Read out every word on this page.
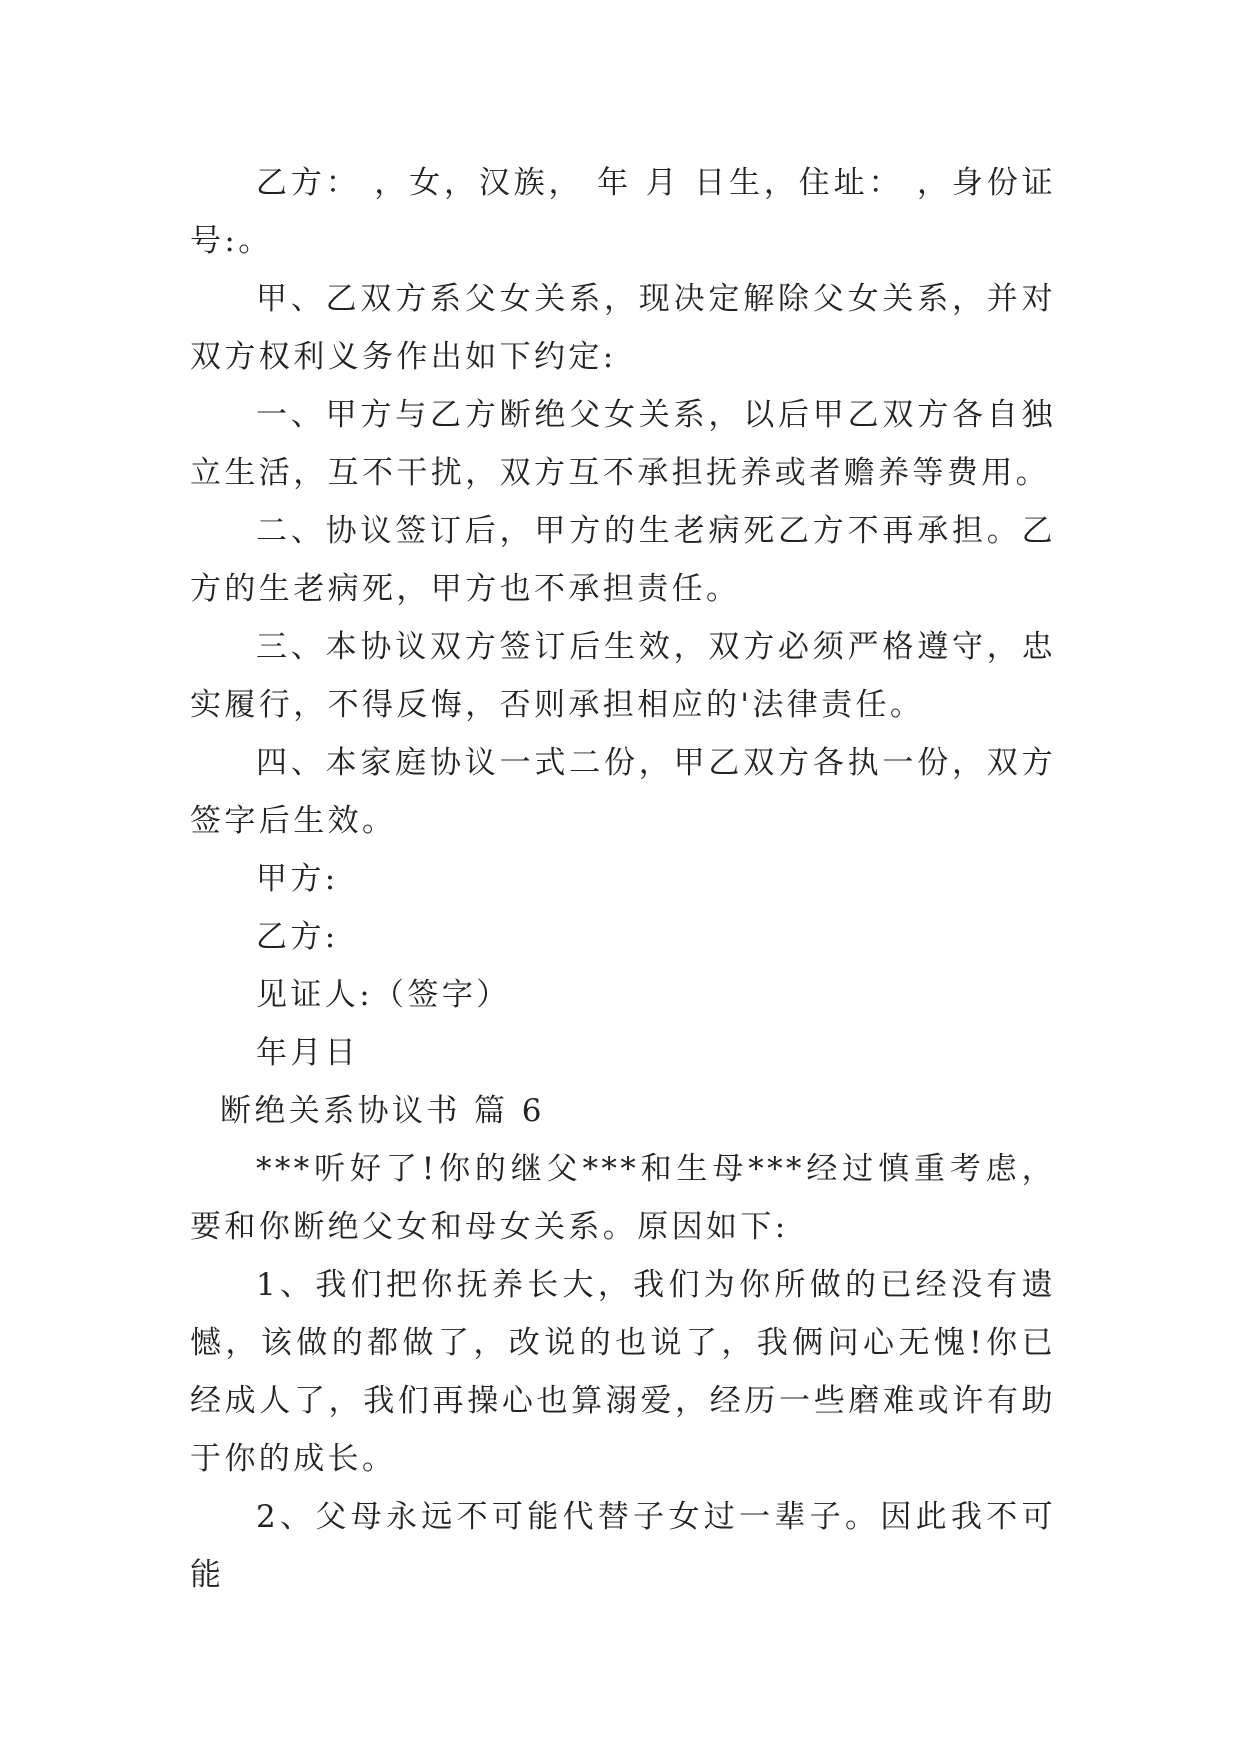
乙方： ，女，汉族， 年 月 日生，住址： ，身份证号:。

甲、乙双方系父女关系，现决定解除父女关系，并对双方权利义务作出如下约定:

一、甲方与乙方断绝父女关系，以后甲乙双方各自独立生活，互不干扰，双方互不承担抚养或者赡养等费用。

二、协议签订后，甲方的生老病死乙方不再承担。乙方的生老病死，甲方也不承担责任。

三、本协议双方签订后生效，双方必须严格遵守，忠实履行，不得反悔，否则承担相应的'法律责任。

四、本家庭协议一式二份，甲乙双方各执一份，双方签字后生效。

甲方:

乙方:

见证人:（签字）

年月日

断绝关系协议书 篇 6

***听好了!你的继父***和生母***经过慎重考虑，要和你断绝父女和母女关系。原因如下:

1、我们把你抚养长大，我们为你所做的已经没有遗憾，该做的都做了，改说的也说了，我俩问心无愧!你已经成人了，我们再操心也算溺爱，经历一些磨难或许有助于你的成长。

2、父母永远不可能代替子女过一辈子。因此我不可能
